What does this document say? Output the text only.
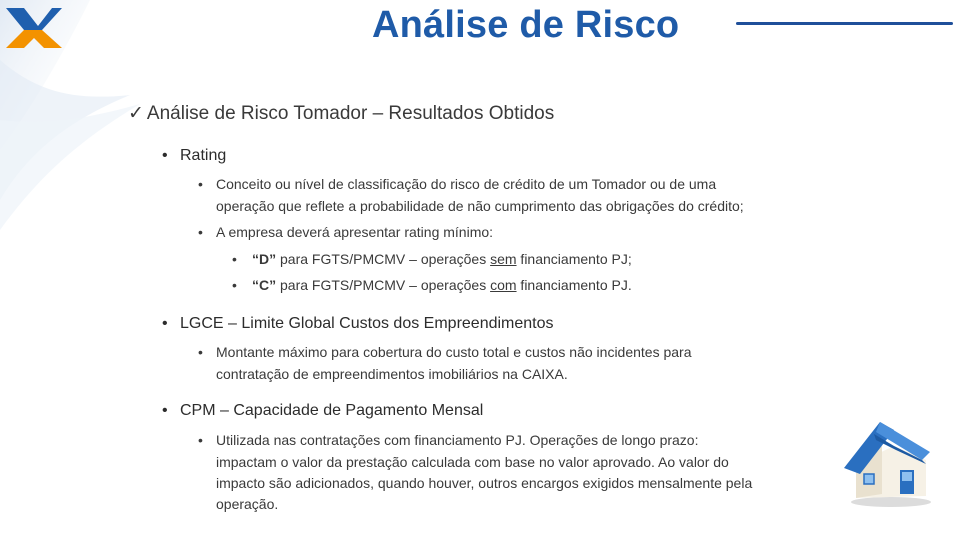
Análise de Risco
✓ Análise de Risco Tomador – Resultados Obtidos
• Rating
• Conceito ou nível de classificação do risco de crédito de um Tomador ou de uma
operação que reflete a probabilidade de não cumprimento das obrigações do crédito;
• A empresa deverá apresentar rating mínimo:
• “D” para FGTS/PMCMV – operações sem financiamento PJ;
• “C” para FGTS/PMCMV – operações com financiamento PJ.
• LGCE – Limite Global Custos dos Empreendimentos
• Montante máximo para cobertura do custo total e custos não incidentes para
contratação de empreendimentos imobiliários na CAIXA.
• CPM – Capacidade de Pagamento Mensal
• Utilizada nas contratações com financiamento PJ. Operações de longo prazo:
impactam o valor da prestação calculada com base no valor aprovado. Ao valor do
impacto são adicionados, quando houver, outros encargos exigidos mensalmente pela
operação.
